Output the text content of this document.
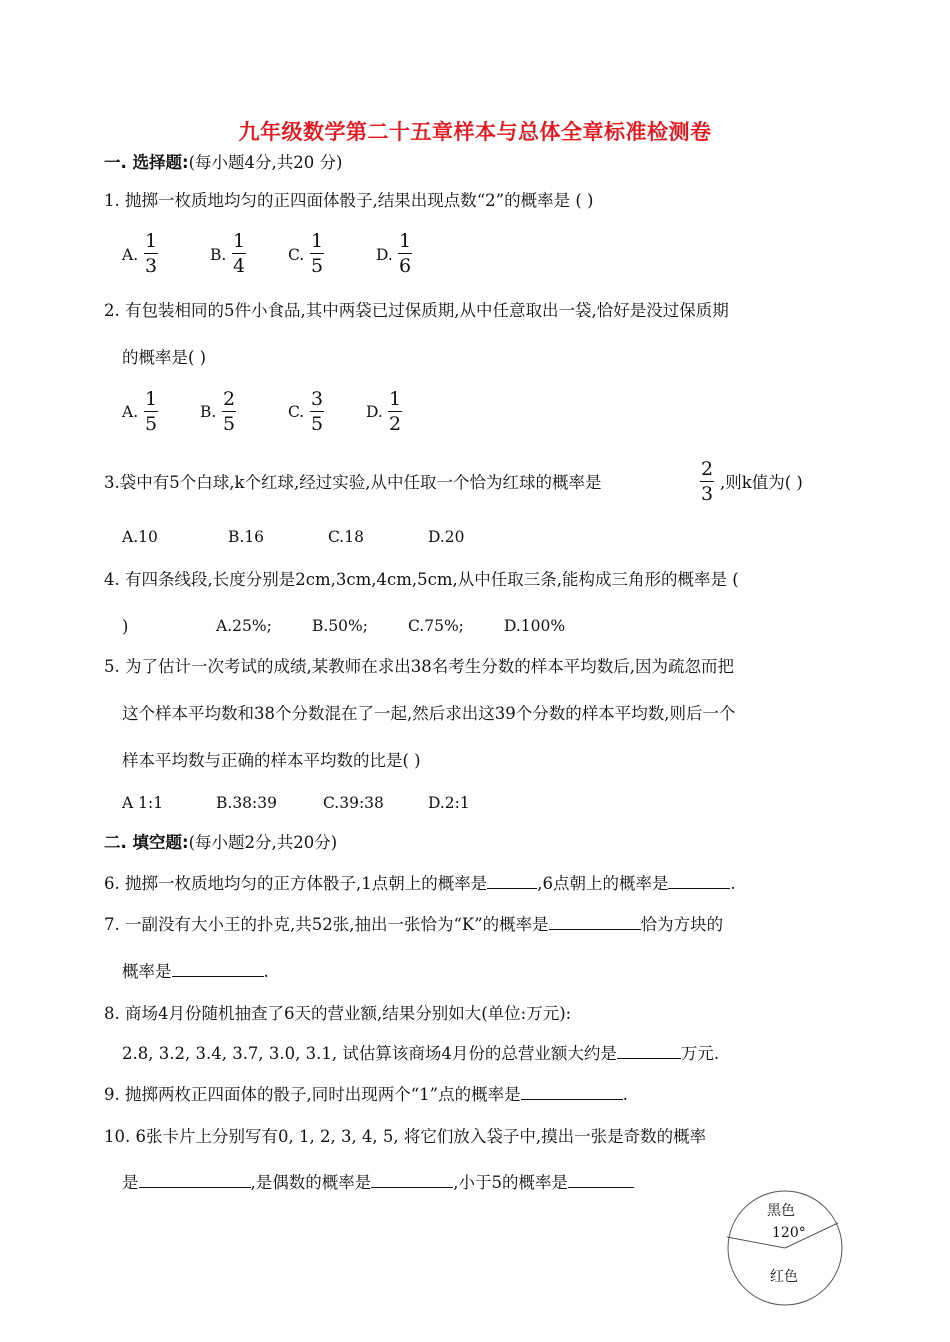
九年级数学第二十五章样本与总体全章标准检测卷
一. 选择题:(每小题4分,共20 分)
1. 抛掷一枚质地均匀的正四面体骰子,结果出现点数“2”的概率是 ( )
A.
1
3
B.
1
4
C.
1
5
D.
1
6
2. 有包装相同的5件小食品,其中两袋已过保质期,从中任意取出一袋,恰好是没过保质期
的概率是( )
A.
1
5
B.
2
5
C.
3
5
D.
1
2
3.袋中有5个白球,k个红球,经过实验,从中任取一个恰为红球的概率是
2
3
,则k值为( )
A.10	B.16	C.18	D.20
4. 有四条线段,长度分别是2cm,3cm,4cm,5cm,从中任取三条,能构成三角形的概率是 (
)	A.25%;	B.50%;	C.75%;	D.100%
5. 为了估计一次考试的成绩,某教师在求出38名考生分数的样本平均数后,因为疏忽而把
这个样本平均数和38个分数混在了一起,然后求出这39个分数的样本平均数,则后一个
样本平均数与正确的样本平均数的比是( )
A 1:1	B.38:39	C.39:38	D.2:1
二. 填空题:(每小题2分,共20分)
6. 抛掷一枚质地均匀的正方体骰子,1点朝上的概率是	,6点朝上的概率是	.
7. 一副没有大小王的扑克,共52张,抽出一张恰为“K”的概率是	恰为方块的
概率是	.
8. 商场4月份随机抽查了6天的营业额,结果分别如大(单位:万元):
2.8, 3.2, 3.4, 3.7, 3.0, 3.1, 试估算该商场4月份的总营业额大约是	万元.
9. 抛掷两枚正四面体的骰子,同时出现两个“1”点的概率是	.
10. 6张卡片上分别写有0, 1, 2, 3, 4, 5, 将它们放入袋子中,摸出一张是奇数的概率
是	,是偶数的概率是	,小于5的概率是
黑色
120°
红色
